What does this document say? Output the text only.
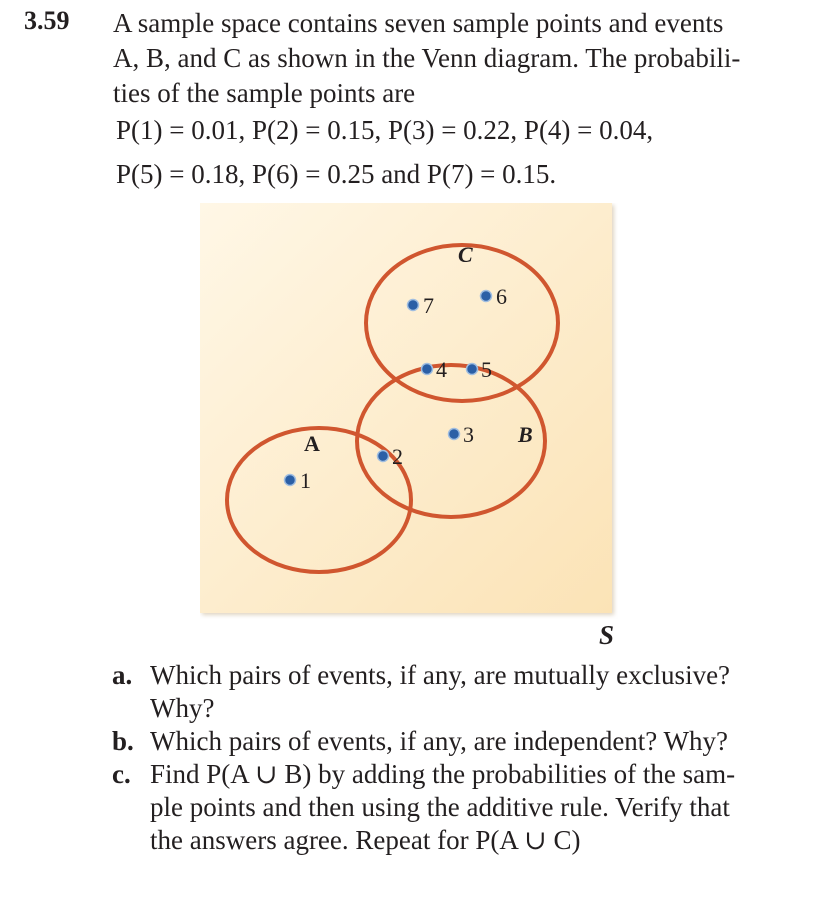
3.59 A sample space contains seven sample points and events
A, B, and C as shown in the Venn diagram. The probabili-
ties of the sample points are
P(1) = 0.01, P(2) = 0.15, P(3) = 0.22, P(4) = 0.04,
P(5) = 0.18, P(6) = 0.25 and P(7) = 0.15.
C
B
A
7	6
4 5
3
2
1
S
a. Which pairs of events, if any, are mutually exclusive? Why?
b. Which pairs of events, if any, are independent? Why?
c. Find P(A ∪ B) by adding the probabilities of the sam-
ple points and then using the additive rule. Verify that
the answers agree. Repeat for P(A ∪ C)
